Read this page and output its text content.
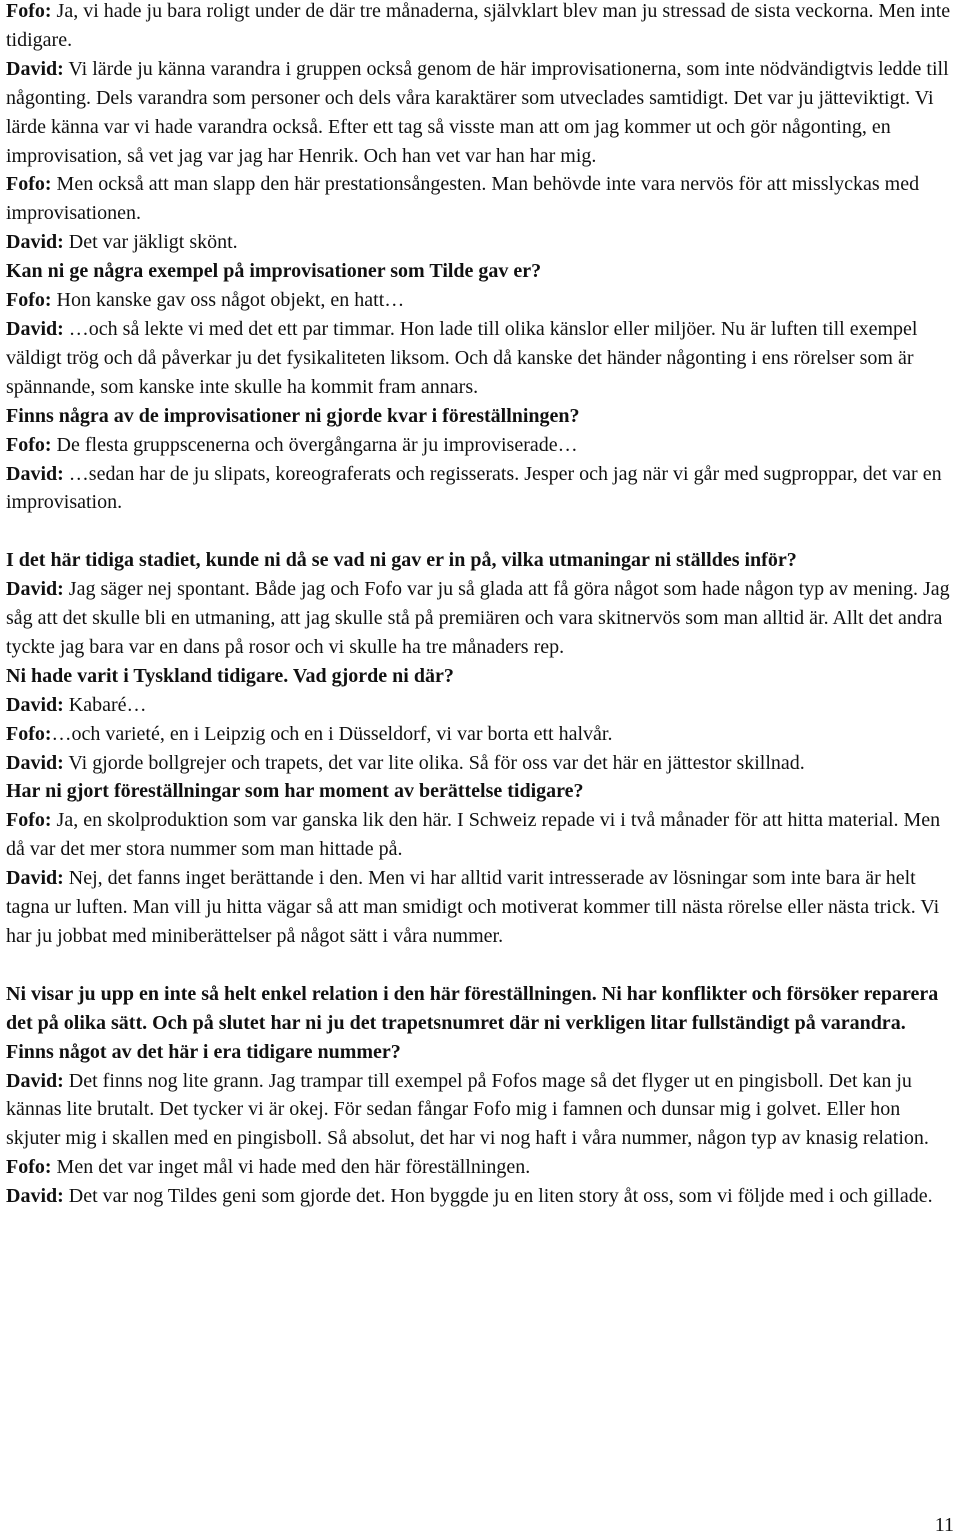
Fofo: Ja, vi hade ju bara roligt under de där tre månaderna, självklart blev man ju stressad de sista veckorna. Men inte tidigare.

David: Vi lärde ju känna varandra i gruppen också genom de här improvisationerna, som inte nödvändigtvis ledde till någonting. Dels varandra som personer och dels våra karaktärer som utveclades samtidigt. Det var ju jätteviktigt. Vi lärde känna var vi hade varandra också. Efter ett tag så visste man att om jag kommer ut och gör någonting, en improvisation, så vet jag var jag har Henrik. Och han vet var han har mig.

Fofo: Men också att man slapp den här prestationsångesten. Man behövde inte vara nervös för att misslyckas med improvisationen.

David: Det var jäkligt skönt.

Kan ni ge några exempel på improvisationer som Tilde gav er?

Fofo: Hon kanske gav oss något objekt, en hatt…

David: …och så lekte vi med det ett par timmar. Hon lade till olika känslor eller miljöer. Nu är luften till exempel väldigt trög och då påverkar ju det fysikaliteten liksom. Och då kanske det händer någonting i ens rörelser som är spännande, som kanske inte skulle ha kommit fram annars.

Finns några av de improvisationer ni gjorde kvar i föreställningen?

Fofo: De flesta gruppscenerna och övergångarna är ju improviserade…

David: …sedan har de ju slipats, koreograferats och regisserats. Jesper och jag när vi går med sugproppar, det var en improvisation.

I det här tidiga stadiet, kunde ni då se vad ni gav er in på, vilka utmaningar ni ställdes inför?

David: Jag säger nej spontant. Både jag och Fofo var ju så glada att få göra något som hade någon typ av mening. Jag såg att det skulle bli en utmaning, att jag skulle stå på premiären och vara skitnervös som man alltid är. Allt det andra tyckte jag bara var en dans på rosor och vi skulle ha tre månaders rep.

Ni hade varit i Tyskland tidigare. Vad gjorde ni där?

David: Kabaré…

Fofo:…och varieté, en i Leipzig och en i Düsseldorf, vi var borta ett halvår.

David: Vi gjorde bollgrejer och trapets, det var lite olika. Så för oss var det här en jättestor skillnad.

Har ni gjort föreställningar som har moment av berättelse tidigare?

Fofo: Ja, en skolproduktion som var ganska lik den här. I Schweiz repade vi i två månader för att hitta material. Men då var det mer stora nummer som man hittade på.

David: Nej, det fanns inget berättande i den. Men vi har alltid varit intresserade av lösningar som inte bara är helt tagna ur luften. Man vill ju hitta vägar så att man smidigt och motiverat kommer till nästa rörelse eller nästa trick. Vi har ju jobbat med miniberättelser på något sätt i våra nummer.

Ni visar ju upp en inte så helt enkel relation i den här föreställningen. Ni har konflikter och försöker reparera det på olika sätt. Och på slutet har ni ju det trapetsnumret där ni verkligen litar fullständigt på varandra. Finns något av det här i era tidigare nummer?

David: Det finns nog lite grann. Jag trampar till exempel på Fofos mage så det flyger ut en pingisboll. Det kan ju kännas lite brutalt. Det tycker vi är okej. För sedan fångar Fofo mig i famnen och dunsar mig i golvet. Eller hon skjuter mig i skallen med en pingisboll. Så absolut, det har vi nog haft i våra nummer, någon typ av knasig relation.

Fofo: Men det var inget mål vi hade med den här föreställningen.

David: Det var nog Tildes geni som gjorde det. Hon byggde ju en liten story åt oss, som vi följde med i och gillade.

11
